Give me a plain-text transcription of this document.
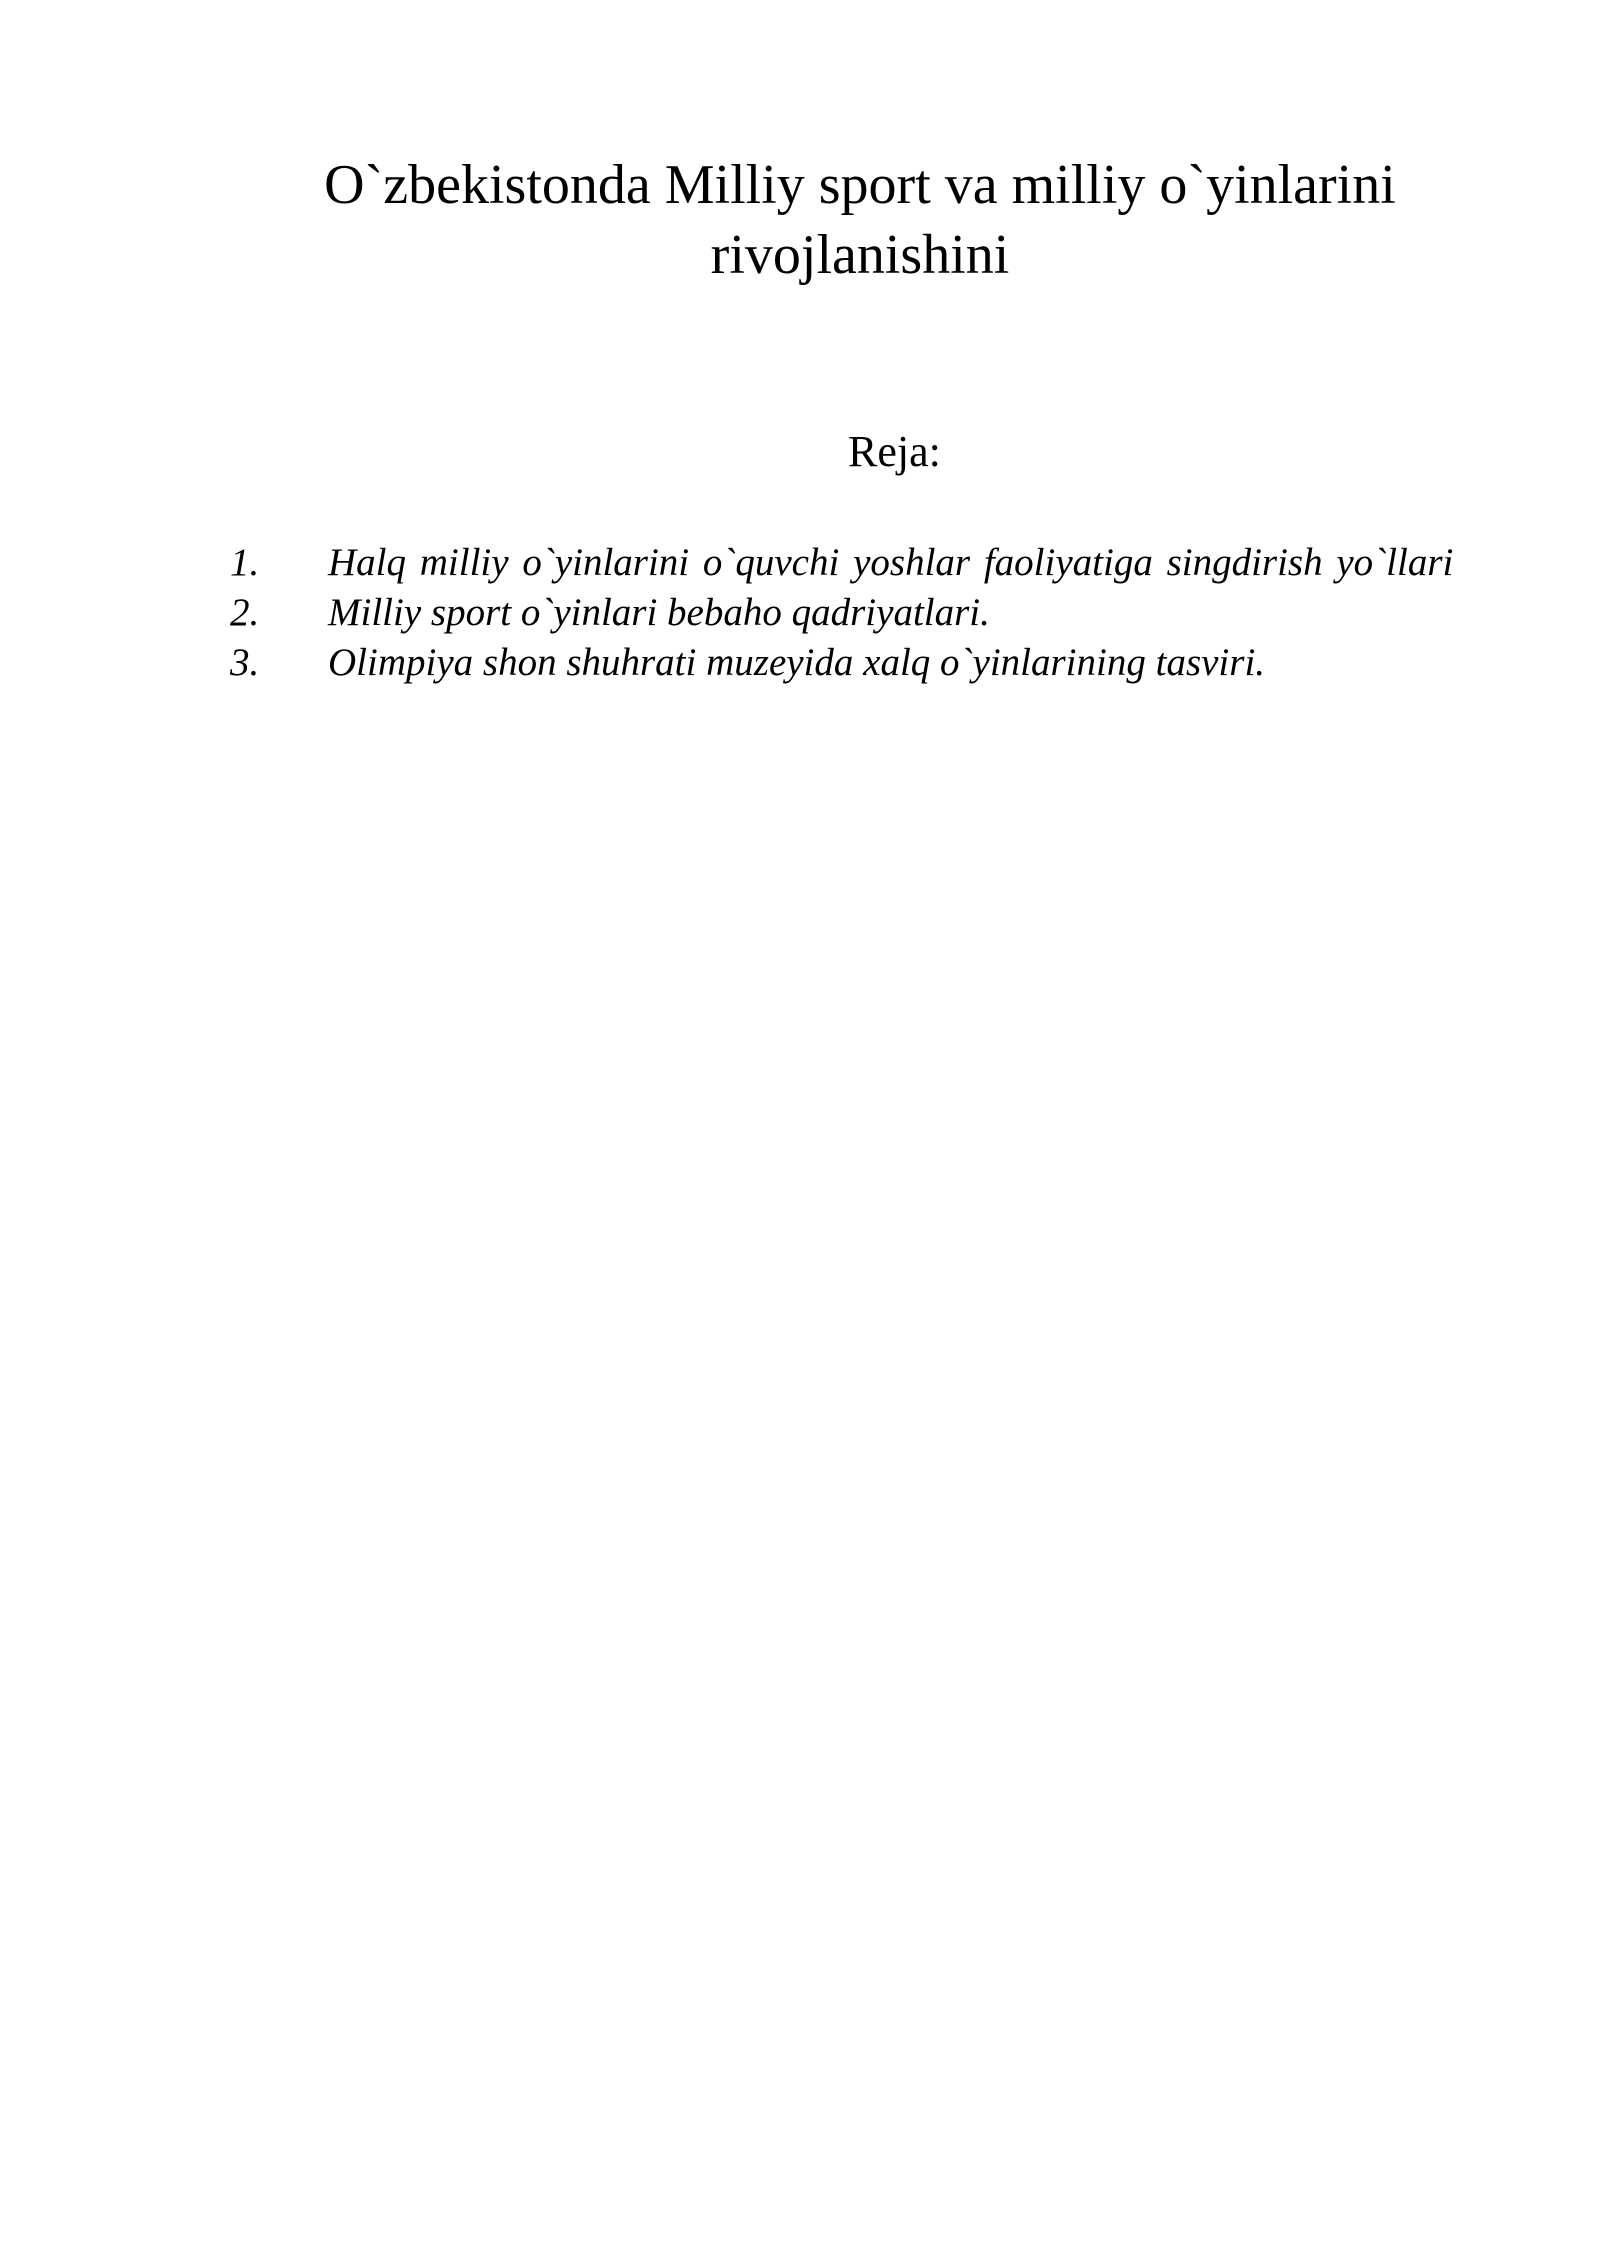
O`zbekistonda Milliy sport va milliy o`yinlarini
rivojlanishini
Reja:
1. Halq milliy o`yinlarini o`quvchi yoshlar faoliyatiga singdirish yo`llari
2. Milliy sport o`yinlari bebaho qadriyatlari.
3. Olimpiya shon shuhrati muzeyida xalq o`yinlarining tasviri.
